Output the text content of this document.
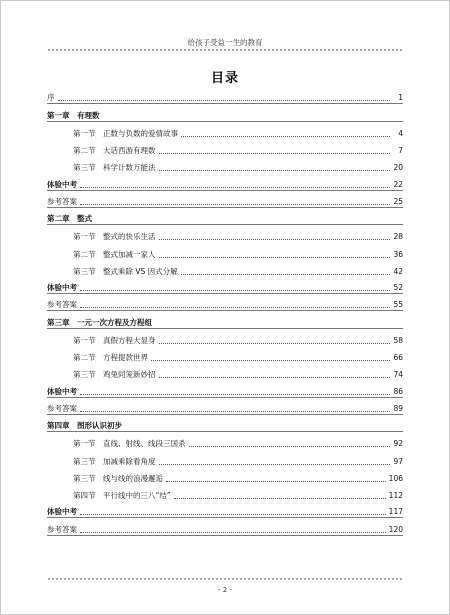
给孩子受益一生的教育
目录
序	1
第一章　有理数
第一节　正数与负数的爱情故事	4
第二节　大话西游有理数	7
第三节　科学计数万能法	20
体验中考	22
参考答案	25
第二章　整式
第一节　整式的快乐生活	28
第二节　整式加减一家人	36
第三节　整式乘除 VS 因式分解	42
体验中考	52
参考答案	55
第三章　一元一次方程及方程组
第一节　真假方程大显身	58
第二节　方程提款世界	66
第三节　鸡兔同笼新妙招	74
体验中考	86
参考答案	89
第四章　图形认识初步
第一节　直线、射线、线段三国杀	92
第三节　加减乘除看角度	97
第三节　线与线的浪漫邂逅	106
第四节　平行线中的三八“结”	112
体验中考	117
参考答案	120
- 2 -
